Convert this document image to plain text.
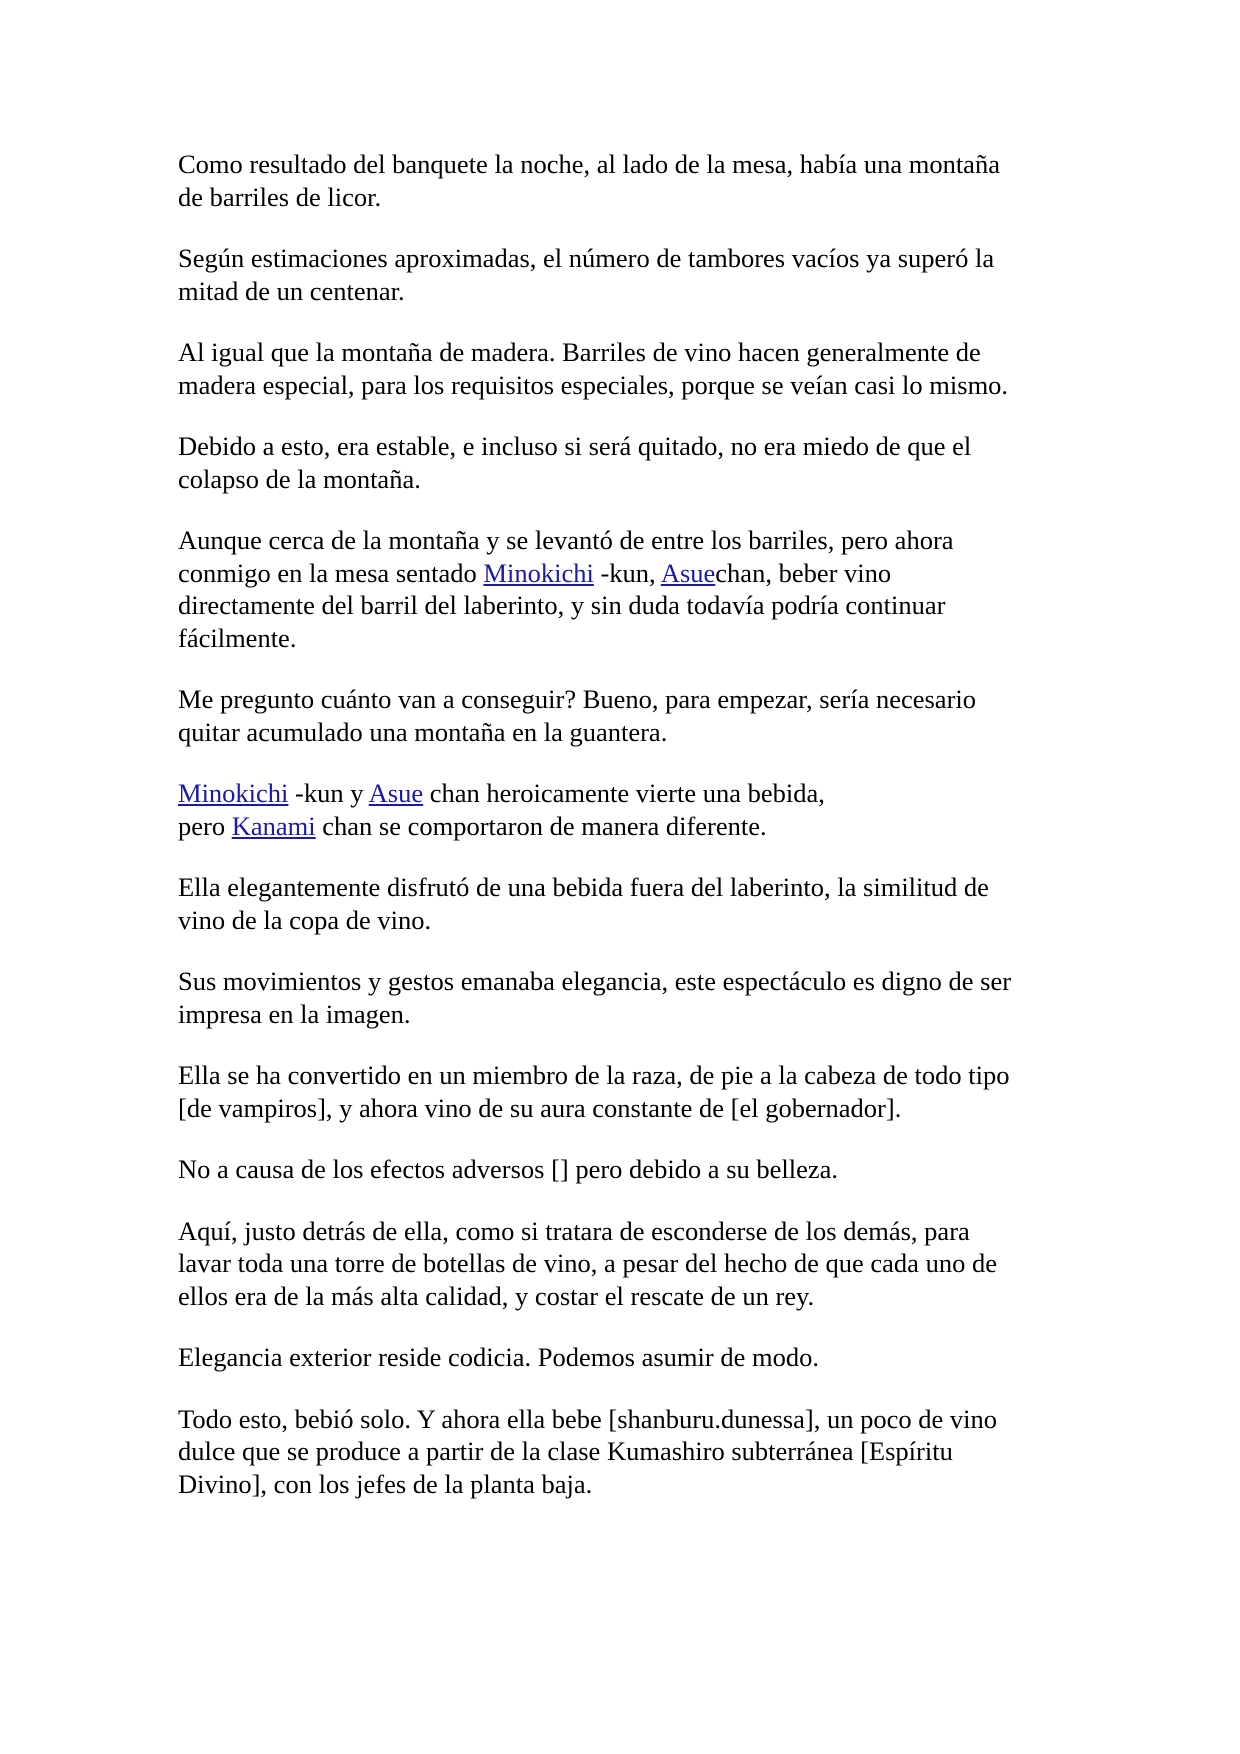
Como resultado del banquete la noche, al lado de la mesa, había una montaña
de barriles de licor.

Según estimaciones aproximadas, el número de tambores vacíos ya superó la
mitad de un centenar.

Al igual que la montaña de madera. Barriles de vino hacen generalmente de
madera especial, para los requisitos especiales, porque se veían casi lo mismo.

Debido a esto, era estable, e incluso si será quitado, no era miedo de que el
colapso de la montaña.

Aunque cerca de la montaña y se levantó de entre los barriles, pero ahora
conmigo en la mesa sentado Minokichi -kun, Asuechan, beber vino
directamente del barril del laberinto, y sin duda todavía podría continuar
fácilmente.

Me pregunto cuánto van a conseguir? Bueno, para empezar, sería necesario
quitar acumulado una montaña en la guantera.

Minokichi -kun y Asue chan heroicamente vierte una bebida,
pero Kanami chan se comportaron de manera diferente.

Ella elegantemente disfrutó de una bebida fuera del laberinto, la similitud de
vino de la copa de vino.

Sus movimientos y gestos emanaba elegancia, este espectáculo es digno de ser
impresa en la imagen.

Ella se ha convertido en un miembro de la raza, de pie a la cabeza de todo tipo
[de vampiros], y ahora vino de su aura constante de [el gobernador].

No a causa de los efectos adversos [] pero debido a su belleza.

Aquí, justo detrás de ella, como si tratara de esconderse de los demás, para
lavar toda una torre de botellas de vino, a pesar del hecho de que cada uno de
ellos era de la más alta calidad, y costar el rescate de un rey.

Elegancia exterior reside codicia. Podemos asumir de modo.

Todo esto, bebió solo. Y ahora ella bebe [shanburu.dunessa], un poco de vino
dulce que se produce a partir de la clase Kumashiro subterránea [Espíritu
Divino], con los jefes de la planta baja.
